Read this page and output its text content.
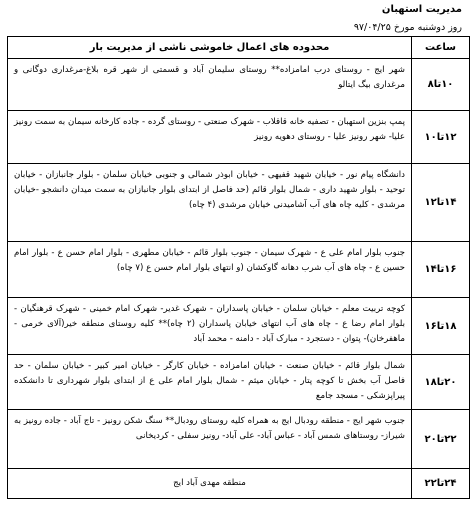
مدیریت استهبان
روز دوشنبه مورخ ۹۷/۰۴/۲۵
ساعت	محدوده های اعمال خاموشی ناشی از مدیریت بار
۱۰تا۸	شهر ایج - روستای درب امامزاده** روستای سلیمان آباد و قسمتی از شهر قره بلاغ-مرغداری دوگانی و مرغداری بیگ ایتالو
۱۲تا۱۰	پمپ بنزین استهبان - تصفیه خانه قاقلاب - شهرک صنعتی - روستای گرده - جاده کارخانه سیمان به سمت رونیز علیا- شهر رونیز علیا - روستای دهویه رونیز
۱۴تا۱۲	دانشگاه پیام نور - خیابان شهید قفیهی - خیابان ابوذر شمالی و جنوبی خیابان سلمان - بلوار جانبازان - خیابان توحید - بلوار شهید داری - شمال بلوار قائم (حد فاصل از ابتدای بلوار جانبازان به سمت میدان دانشجو -خیابان مرشدی - کلیه چاه های آب آشامیدنی خیابان مرشدی (۴ چاه)
۱۶تا۱۴	جنوب بلوار امام علی ع - شهرک سیمان - جنوب بلوار قائم - خیابان مطهری - بلوار امام حسن ع - بلوار امام حسین ع - چاه های آب شرب دهانه گاوکشان (و انتهای بلوار امام حسن ع (۷ چاه)
۱۸تا۱۶	کوچه تربیت معلم - خیابان سلمان - خیابان پاسداران - شهرک غدیر- شهرک امام خمینی - شهرک قرهنگیان - بلوار امام رضا ع - چاه های آب انتهای خیابان پاسداران (۲ چاه)** کلیه روستای منطقه خیر(آلای خرمی - ماهفرخان)- پتوان - دستجرد - مبارک آباد - دامنه - محمد آباد
۲۰تا۱۸	شمال بلوار قائم - خیابان صنعت - خیابان امامزاده - خیابان کارگر - خیابان امیر کبیر - خیابان سلمان - حد فاصل آب بخش تا کوچه پتار - خیابان میثم - شمال بلوار امام علی ع از ابتدای بلوار شهرداری تا دانشکده پیراپزشکی - مسجد جامع
۲۲تا۲۰	جنوب شهر ایج - منطقه رودبال ایج به همراه کلیه روستای رودبال** سنگ شکن رونیز - تاج آباد - جاده رونیز به شیراز- روستاهای شمس آباد - عباس آباد- علی آباد- رونیز سفلی - کردیخانی
۲۴تا۲۲	منطقه مهدی آباد ایج
